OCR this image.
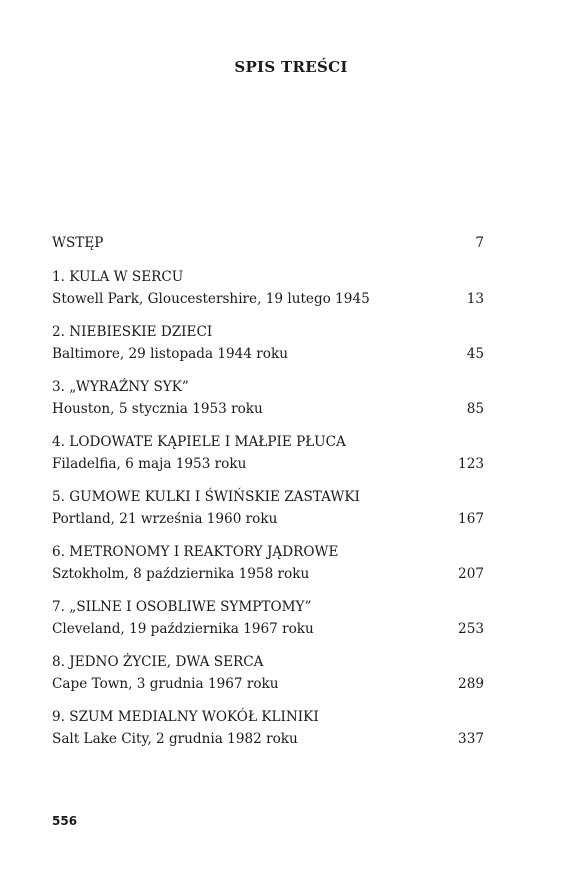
SPIS TREŚCI
WSTĘP	7
1. KULA W SERCU
Stowell Park, Gloucestershire, 19 lutego 1945	13
2. NIEBIESKIE DZIECI
Baltimore, 29 listopada 1944 roku	45
3. „WYRAŹNY SYK”
Houston, 5 stycznia 1953 roku	85
4. LODOWATE KĄPIELE I MAŁPIE PŁUCA
Filadelfia, 6 maja 1953 roku	123
5. GUMOWE KULKI I ŚWIŃSKIE ZASTAWKI
Portland, 21 września 1960 roku	167
6. METRONOMY I REAKTORY JĄDROWE
Sztokholm, 8 października 1958 roku	207
7. „SILNE I OSOBLIWE SYMPTOMY”
Cleveland, 19 października 1967 roku	253
8. JEDNO ŻYCIE, DWA SERCA
Cape Town, 3 grudnia 1967 roku	289
9. SZUM MEDIALNY WOKÓŁ KLINIKI
Salt Lake City, 2 grudnia 1982 roku	337
556
